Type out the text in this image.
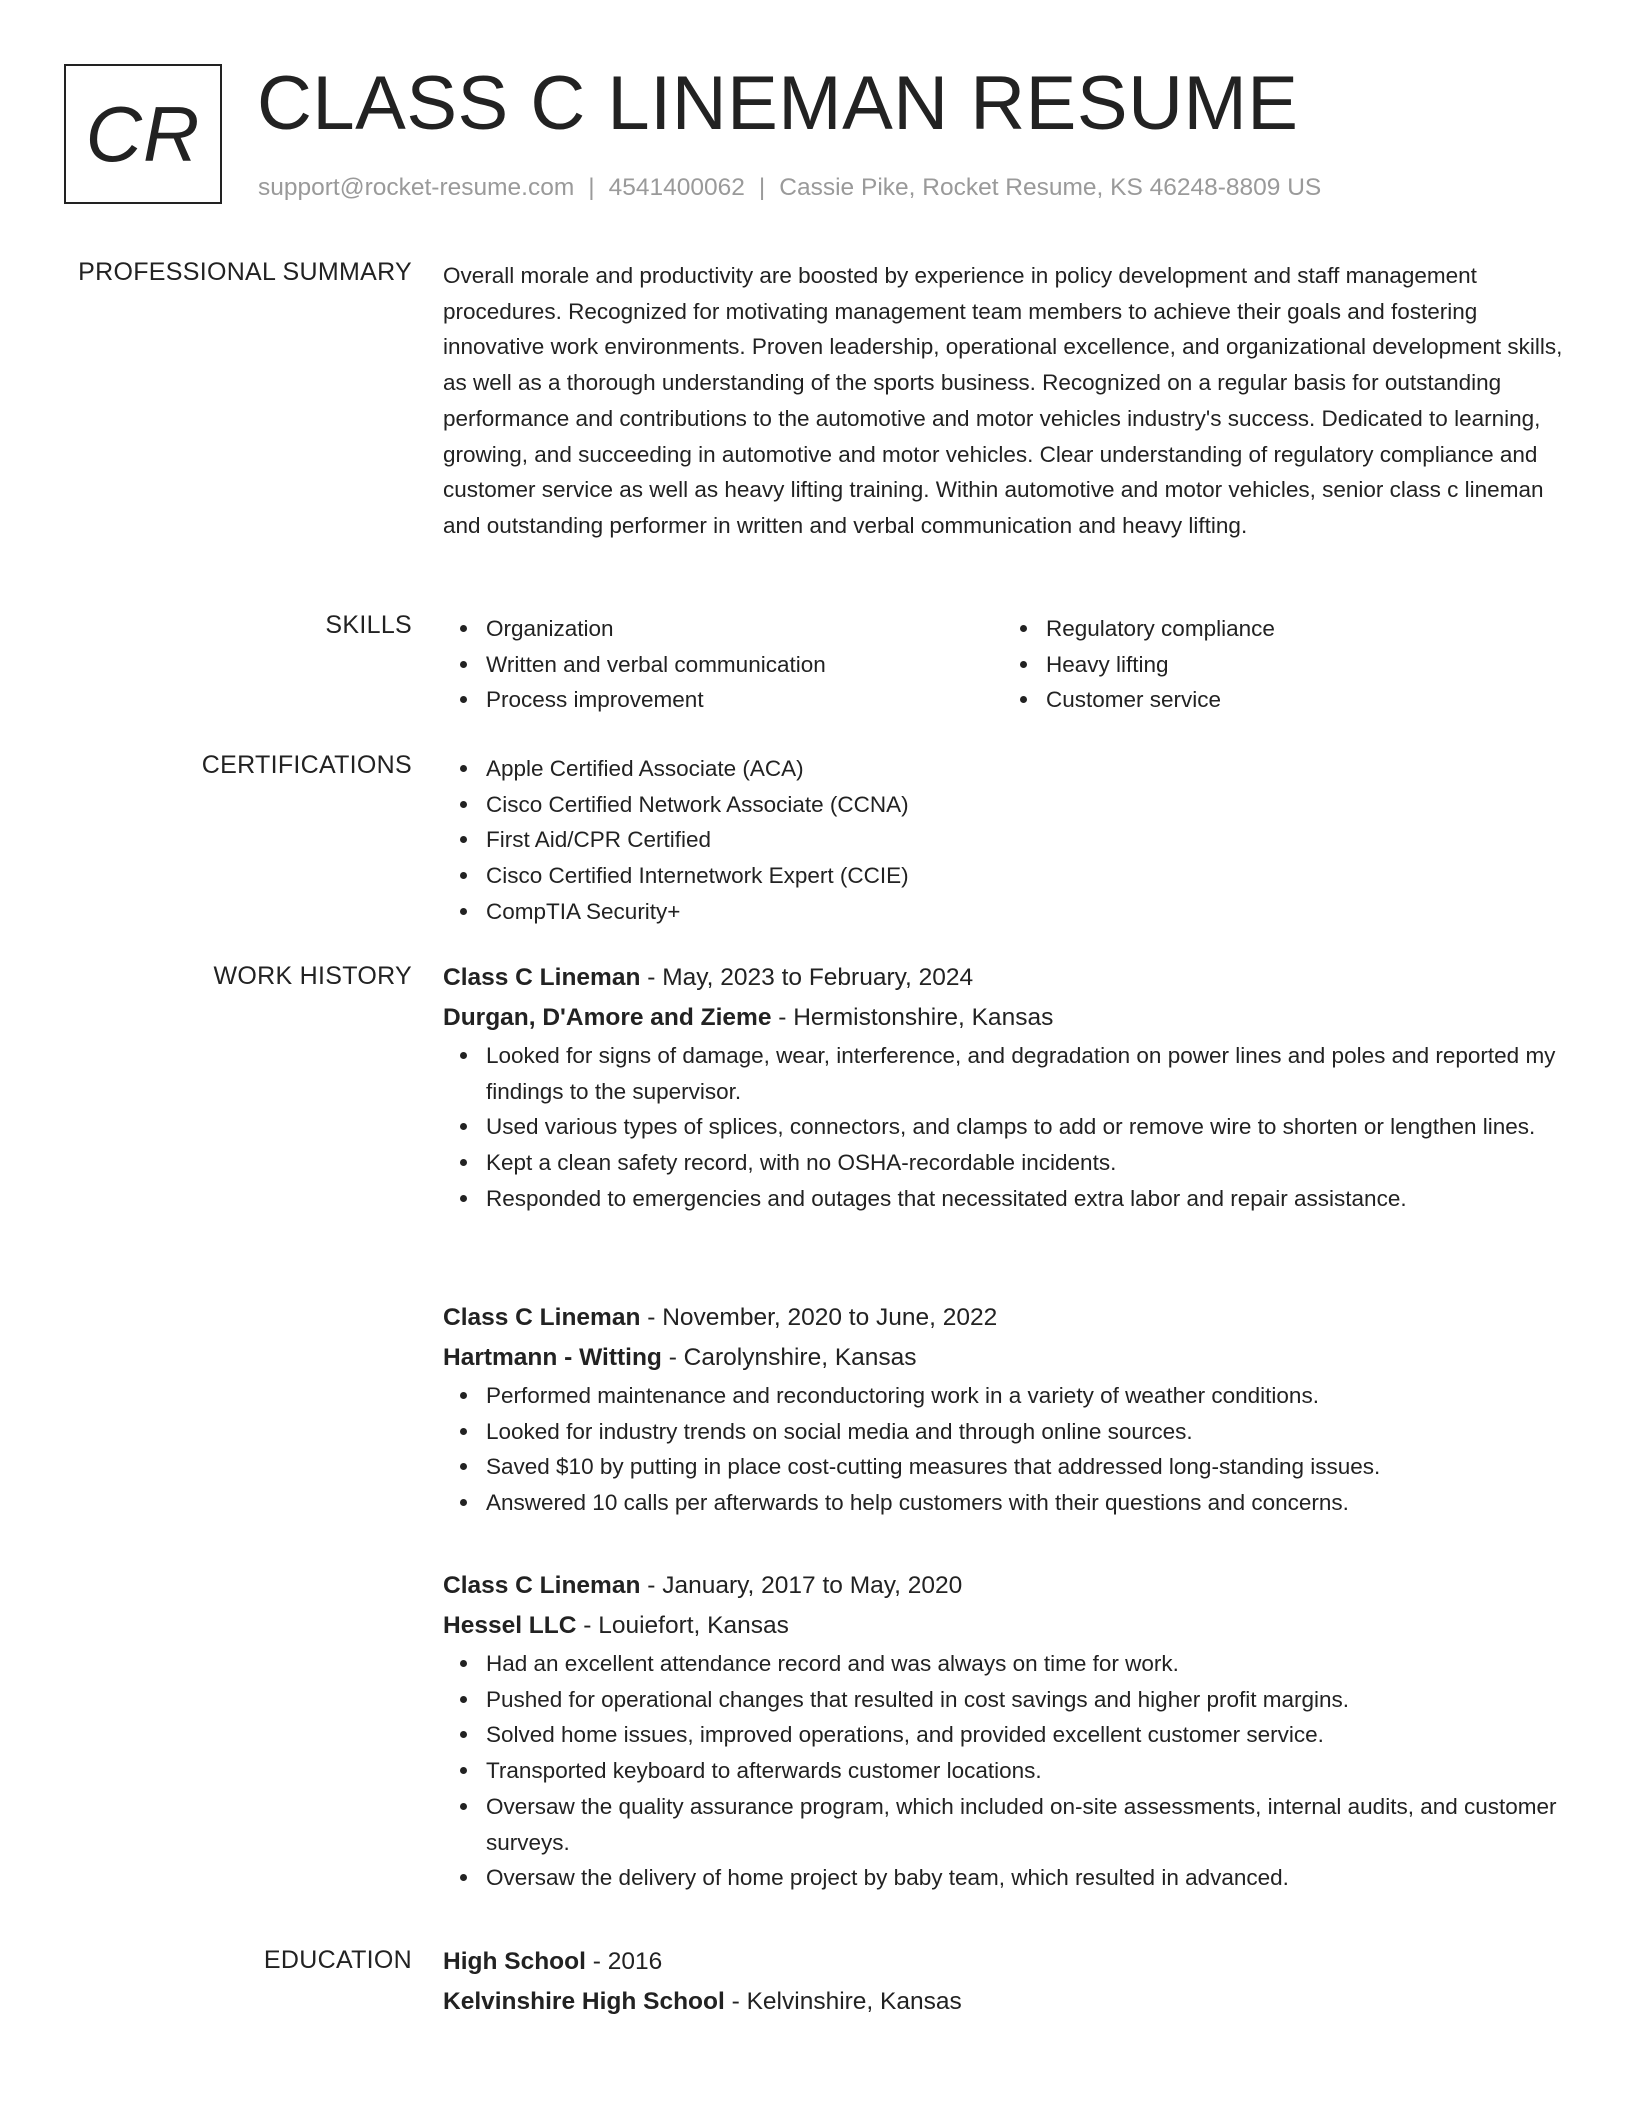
CR CLASS C LINEMAN RESUME
support@rocket-resume.com | 4541400062 | Cassie Pike, Rocket Resume, KS 46248-8809 US
PROFESSIONAL SUMMARY Overall morale and productivity are boosted by experience in policy development and staff management procedures. Recognized for motivating management team members to achieve their goals and fostering innovative work environments. Proven leadership, operational excellence, and organizational development skills, as well as a thorough understanding of the sports business. Recognized on a regular basis for outstanding performance and contributions to the automotive and motor vehicles industry's success. Dedicated to learning, growing, and succeeding in automotive and motor vehicles. Clear understanding of regulatory compliance and customer service as well as heavy lifting training. Within automotive and motor vehicles, senior class c lineman and outstanding performer in written and verbal communication and heavy lifting.
SKILLS	Organization
Written and verbal communication
Process improvement
Regulatory compliance
Heavy lifting
Customer service
CERTIFICATIONS	Apple Certified Associate (ACA)
Cisco Certified Network Associate (CCNA)
First Aid/CPR Certified
Cisco Certified Internetwork Expert (CCIE)
CompTIA Security+
WORK HISTORY Class C Lineman - May, 2023 to February, 2024
Durgan, D'Amore and Zieme - Hermistonshire, Kansas
Looked for signs of damage, wear, interference, and degradation on power lines and poles and reported my findings to the supervisor.
Used various types of splices, connectors, and clamps to add or remove wire to shorten or lengthen lines.
Kept a clean safety record, with no OSHA-recordable incidents.
Responded to emergencies and outages that necessitated extra labor and repair assistance.
Class C Lineman - November, 2020 to June, 2022
Hartmann - Witting - Carolynshire, Kansas
Performed maintenance and reconductoring work in a variety of weather conditions.
Looked for industry trends on social media and through online sources.
Saved $10 by putting in place cost-cutting measures that addressed long-standing issues.
Answered 10 calls per afterwards to help customers with their questions and concerns.
Class C Lineman - January, 2017 to May, 2020
Hessel LLC - Louiefort, Kansas
Had an excellent attendance record and was always on time for work.
Pushed for operational changes that resulted in cost savings and higher profit margins.
Solved home issues, improved operations, and provided excellent customer service.
Transported keyboard to afterwards customer locations.
Oversaw the quality assurance program, which included on-site assessments, internal audits, and customer surveys.
Oversaw the delivery of home project by baby team, which resulted in advanced.
EDUCATION High School - 2016
Kelvinshire High School - Kelvinshire, Kansas
